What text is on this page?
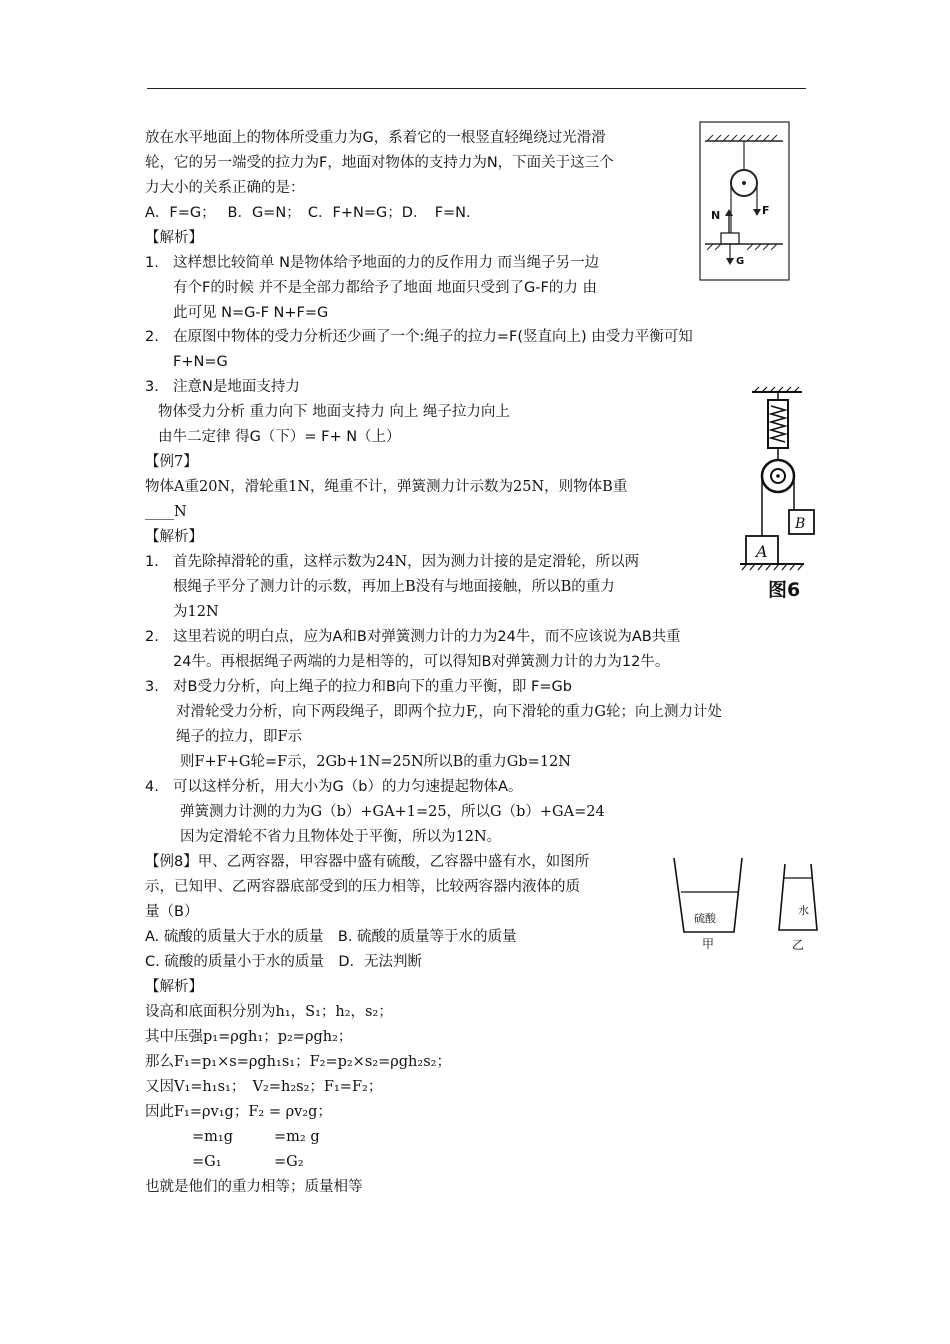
放在水平地面上的物体所受重力为G，系着它的一根竖直轻绳绕过光滑滑
轮，它的另一端受的拉力为F，地面对物体的支持力为N，下面关于这三个
力大小的关系正确的是：
A．F=G；　 B．G=N；　C．F+N=G；D．　F=N.
【解析】
1. 这样想比较简单 N是物体给予地面的力的反作用力 而当绳子另一边
有个F的时候 并不是全部力都给予了地面 地面只受到了G-F的力 由
此可见 N=G-F N+F=G
2. 在原图中物体的受力分析还少画了一个:绳子的拉力=F(竖直向上) 由受力平衡可知
F+N=G
3. 注意N是地面支持力
物体受力分析 重力向下 地面支持力 向上 绳子拉力向上
由牛二定律 得G（下）= F+ N（上）
N	F
G
【例7】
物体A重20N，滑轮重1N，绳重不计，弹簧测力计示数为25N，则物体B重
____N
【解析】
1. 首先除掉滑轮的重，这样示数为24N，因为测力计接的是定滑轮，所以两
根绳子平分了测力计的示数，再加上B没有与地面接触，所以B的重力
为12N
2. 这里若说的明白点，应为A和B对弹簧测力计的力为24牛，而不应该说为AB共重
24牛。再根据绳子两端的力是相等的，可以得知B对弹簧测力计的力为12牛。
3. 对B受力分析，向上绳子的拉力和B向下的重力平衡，即 F=Gb
对滑轮受力分析，向下两段绳子，即两个拉力F,，向下滑轮的重力G轮；向上测力计处
绳子的拉力，即F示
则F+F+G轮=F示，2Gb+1N=25N所以B的重力Gb=12N
4. 可以这样分析，用大小为G（b）的力匀速提起物体A。
弹簧测力计测的力为G（b）+GA+1=25，所以G（b）+GA=24
因为定滑轮不省力且物体处于平衡，所以为12N。
A
B
图6
【例8】甲、乙两容器，甲容器中盛有硫酸，乙容器中盛有水，如图所
示，已知甲、乙两容器底部受到的压力相等，比较两容器内液体的质
量（B）
A. 硫酸的质量大于水的质量　B. 硫酸的质量等于水的质量
C. 硫酸的质量小于水的质量　D．无法判断
【解析】
硫酸
水
甲	乙
设高和底面积分别为h₁，S₁；h₂，s₂；
其中压强p₁=ρgh₁；p₂=ρgh₂；
那么F₁=p₁×s=ρgh₁s₁；F₂=p₂×s₂=ρgh₂s₂；
又因V₁=h₁s₁；　V₂=h₂s₂；F₁=F₂；
因此F₁=ρv₁g；F₂ = ρv₂g；
=m₁g	=m₂ g
=G₁	=G₂
也就是他们的重力相等；质量相等
